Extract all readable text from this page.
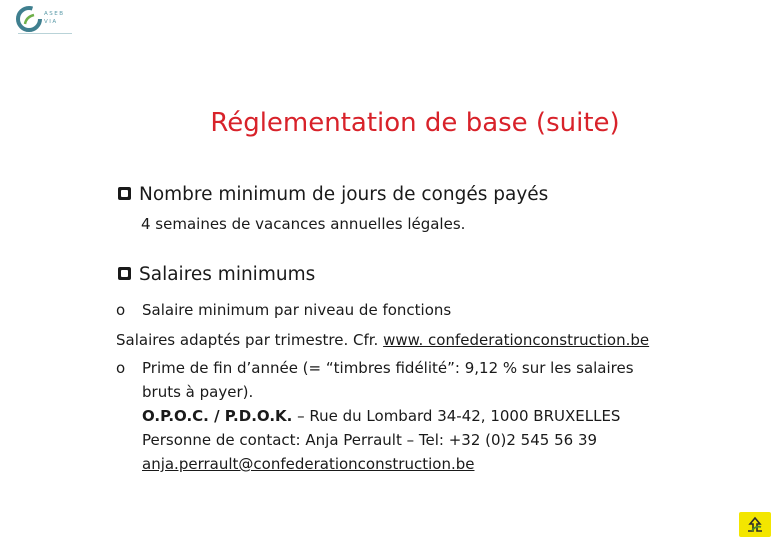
ASEB VIA
Réglementation de base (suite)
Nombre minimum de jours de congés payés
4 semaines de vacances annuelles légales.
Salaires minimums
o Salaire minimum par niveau de fonctions
Salaires adaptés par trimestre. Cfr. www. confederationconstruction.be
o Prime de fin d’année (= “timbres fidélité”: 9,12 % sur les salaires
bruts à payer).
O.P.O.C. / P.D.O.K. – Rue du Lombard 34-42, 1000 BRUXELLES
Personne de contact: Anja Perrault – Tel: +32 (0)2 545 56 39
anja.perrault@confederationconstruction.be
